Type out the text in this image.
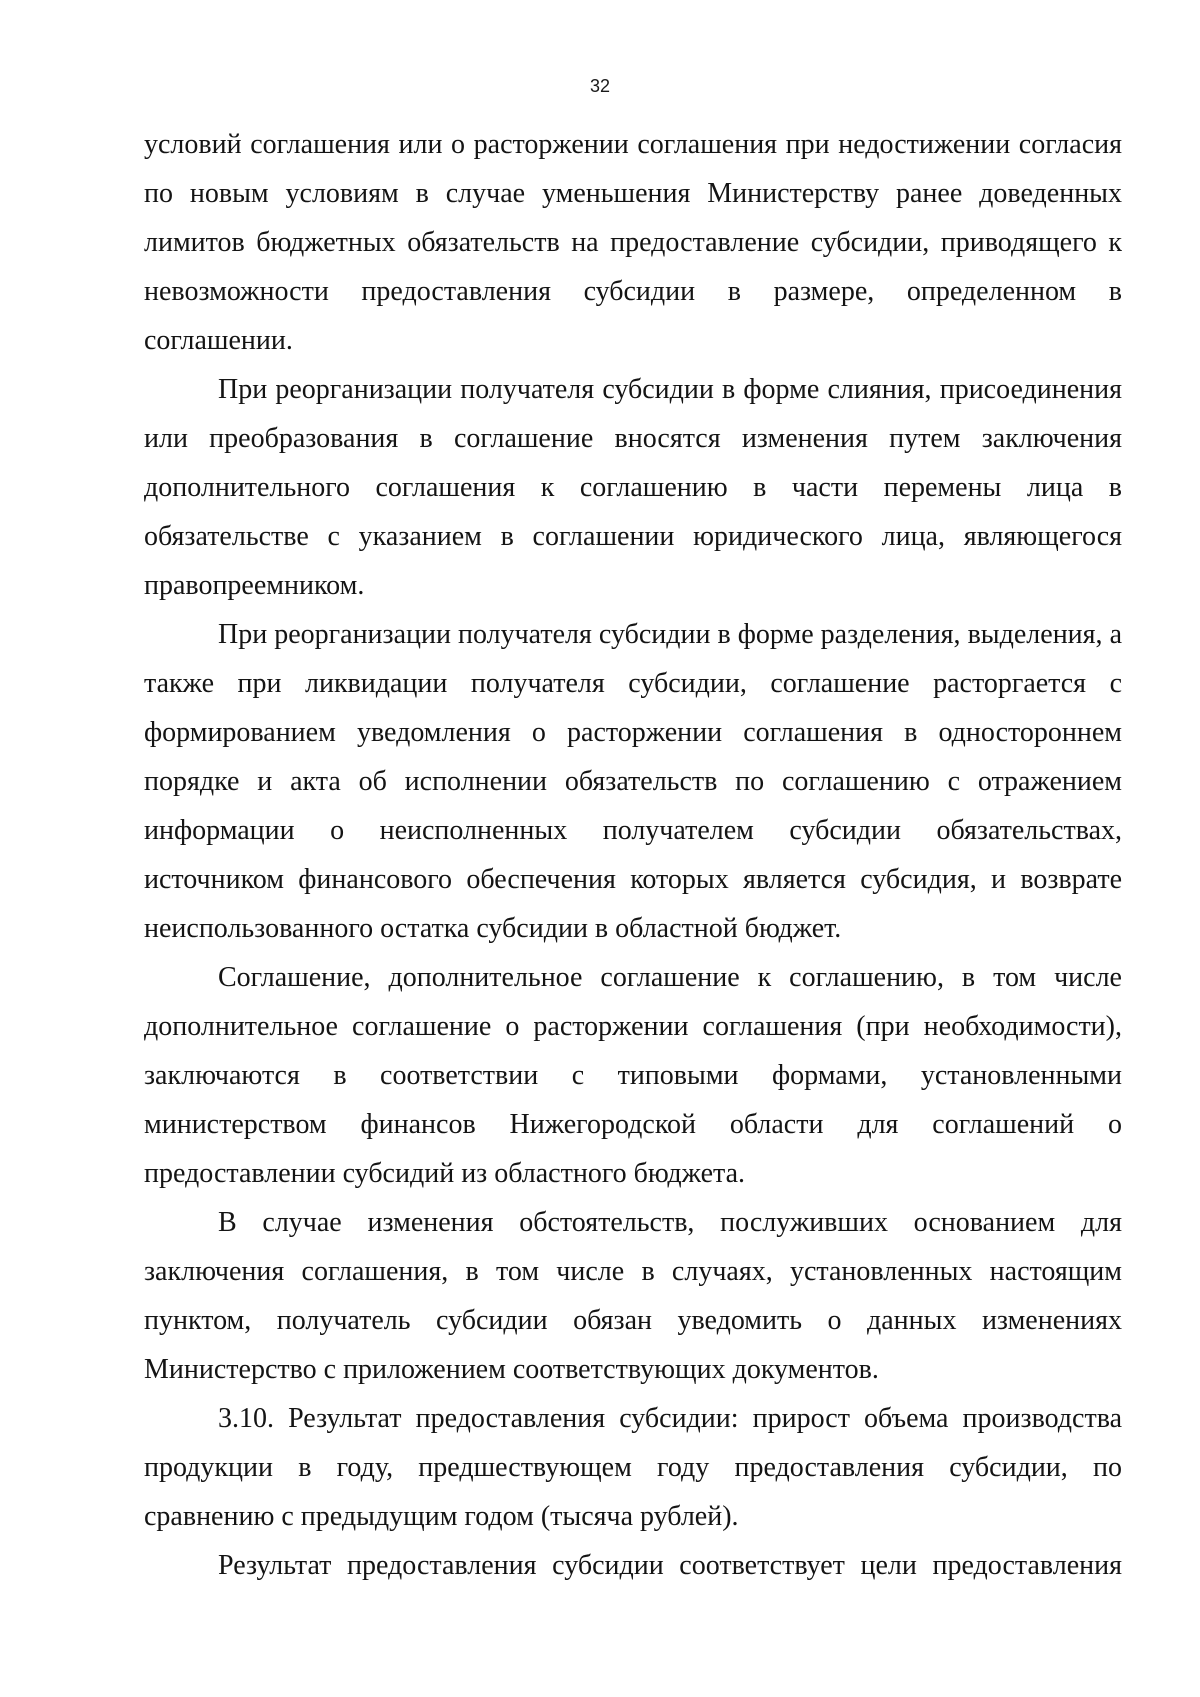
32

условий соглашения или о расторжении соглашения при недостижении согласия по новым условиям в случае уменьшения Министерству ранее доведенных лимитов бюджетных обязательств на предоставление субсидии, приводящего к невозможности предоставления субсидии в размере, определенном в соглашении.

При реорганизации получателя субсидии в форме слияния, присоединения или преобразования в соглашение вносятся изменения путем заключения дополнительного соглашения к соглашению в части перемены лица в обязательстве с указанием в соглашении юридического лица, являющегося правопреемником.

При реорганизации получателя субсидии в форме разделения, выделения, а также при ликвидации получателя субсидии, соглашение расторгается с формированием уведомления о расторжении соглашения в одностороннем порядке и акта об исполнении обязательств по соглашению с отражением информации о неисполненных получателем субсидии обязательствах, источником финансового обеспечения которых является субсидия, и возврате неиспользованного остатка субсидии в областной бюджет.

Соглашение, дополнительное соглашение к соглашению, в том числе дополнительное соглашение о расторжении соглашения (при необходимости), заключаются в соответствии с типовыми формами, установленными министерством финансов Нижегородской области для соглашений о предоставлении субсидий из областного бюджета.

В случае изменения обстоятельств, послуживших основанием для заключения соглашения, в том числе в случаях, установленных настоящим пунктом, получатель субсидии обязан уведомить о данных изменениях Министерство с приложением соответствующих документов.

3.10. Результат предоставления субсидии: прирост объема производства продукции в году, предшествующем году предоставления субсидии, по сравнению с предыдущим годом (тысяча рублей).

Результат предоставления субсидии соответствует цели предоставления
